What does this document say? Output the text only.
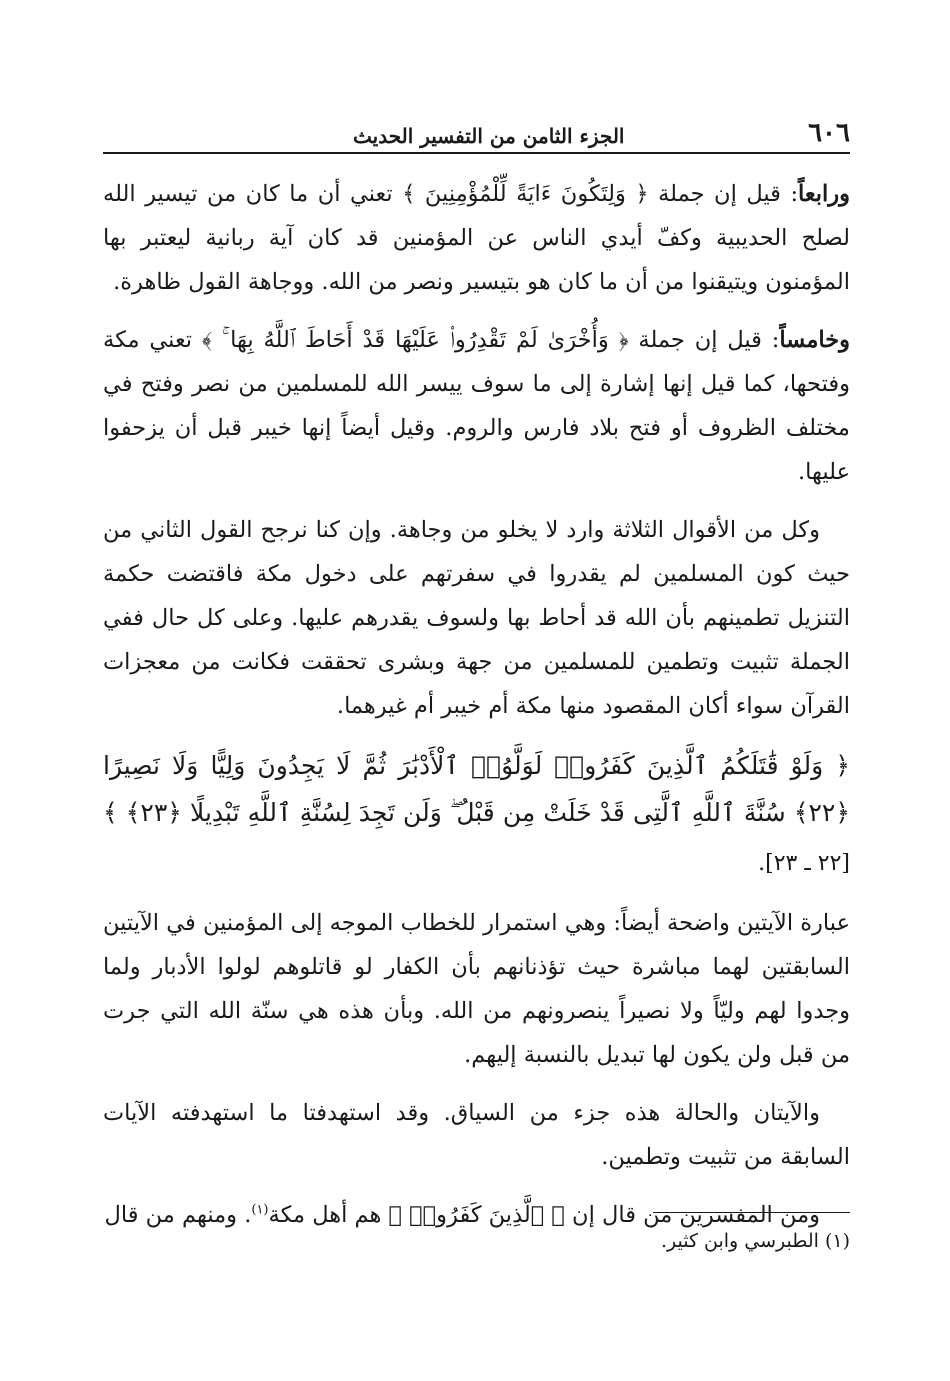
٦٠٦
الجزء الثامن من التفسير الحديث

ورابعاً: قيل إن جملة ﴿ وَلِتَكُونَ ءَايَةً لِّلْمُؤْمِنِينَ ﴾ تعني أن ما كان من تيسير الله لصلح الحديبية وكفّ أيدي الناس عن المؤمنين قد كان آية ربانية ليعتبر بها المؤمنون ويتيقنوا من أن ما كان هو بتيسير ونصر من الله. ووجاهة القول ظاهرة.

وخامساً: قيل إن جملة ﴿ وَأُخْرَىٰ لَمْ تَقْدِرُوا۟ عَلَيْهَا قَدْ أَحَاطَ ٱللَّهُ بِهَا ۚ ﴾ تعني مكة وفتحها، كما قيل إنها إشارة إلى ما سوف ييسر الله للمسلمين من نصر وفتح في مختلف الظروف أو فتح بلاد فارس والروم. وقيل أيضاً إنها خيبر قبل أن يزحفوا عليها.

وكل من الأقوال الثلاثة وارد لا يخلو من وجاهة. وإن كنا نرجح القول الثاني من حيث كون المسلمين لم يقدروا في سفرتهم على دخول مكة فاقتضت حكمة التنزيل تطمينهم بأن الله قد أحاط بها ولسوف يقدرهم عليها. وعلى كل حال ففي الجملة تثبيت وتطمين للمسلمين من جهة وبشرى تحققت فكانت من معجزات القرآن سواء أكان المقصود منها مكة أم خيبر أم غيرهما.

﴿ وَلَوْ قَٰتَلَكُمُ ٱلَّذِينَ كَفَرُوا۟ لَوَلَّوُا۟ ٱلْأَدْبَٰرَ ثُمَّ لَا يَجِدُونَ وَلِيًّا وَلَا نَصِيرًا ﴿٢٢﴾ سُنَّةَ ٱللَّهِ ٱلَّتِى قَدْ خَلَتْ مِن قَبْلُ ۖ وَلَن تَجِدَ لِسُنَّةِ ٱللَّهِ تَبْدِيلًا ﴿٢٣﴾ ﴾ [٢٢ ـ ٢٣].

عبارة الآيتين واضحة أيضاً: وهي استمرار للخطاب الموجه إلى المؤمنين في الآيتين السابقتين لهما مباشرة حيث تؤذنانهم بأن الكفار لو قاتلوهم لولوا الأدبار ولما وجدوا لهم وليّاً ولا نصيراً ينصرونهم من الله. وبأن هذه هي سنّة الله التي جرت من قبل ولن يكون لها تبديل بالنسبة إليهم.

والآيتان والحالة هذه جزء من السياق. وقد استهدفتا ما استهدفته الآيات السابقة من تثبيت وتطمين.

ومن المفسرين من قال إن ﴿ ٱلَّذِينَ كَفَرُوا۟ ﴾ هم أهل مكة$^{(١)}$. ومنهم من قال

(١) الطبرسي وابن كثير.
